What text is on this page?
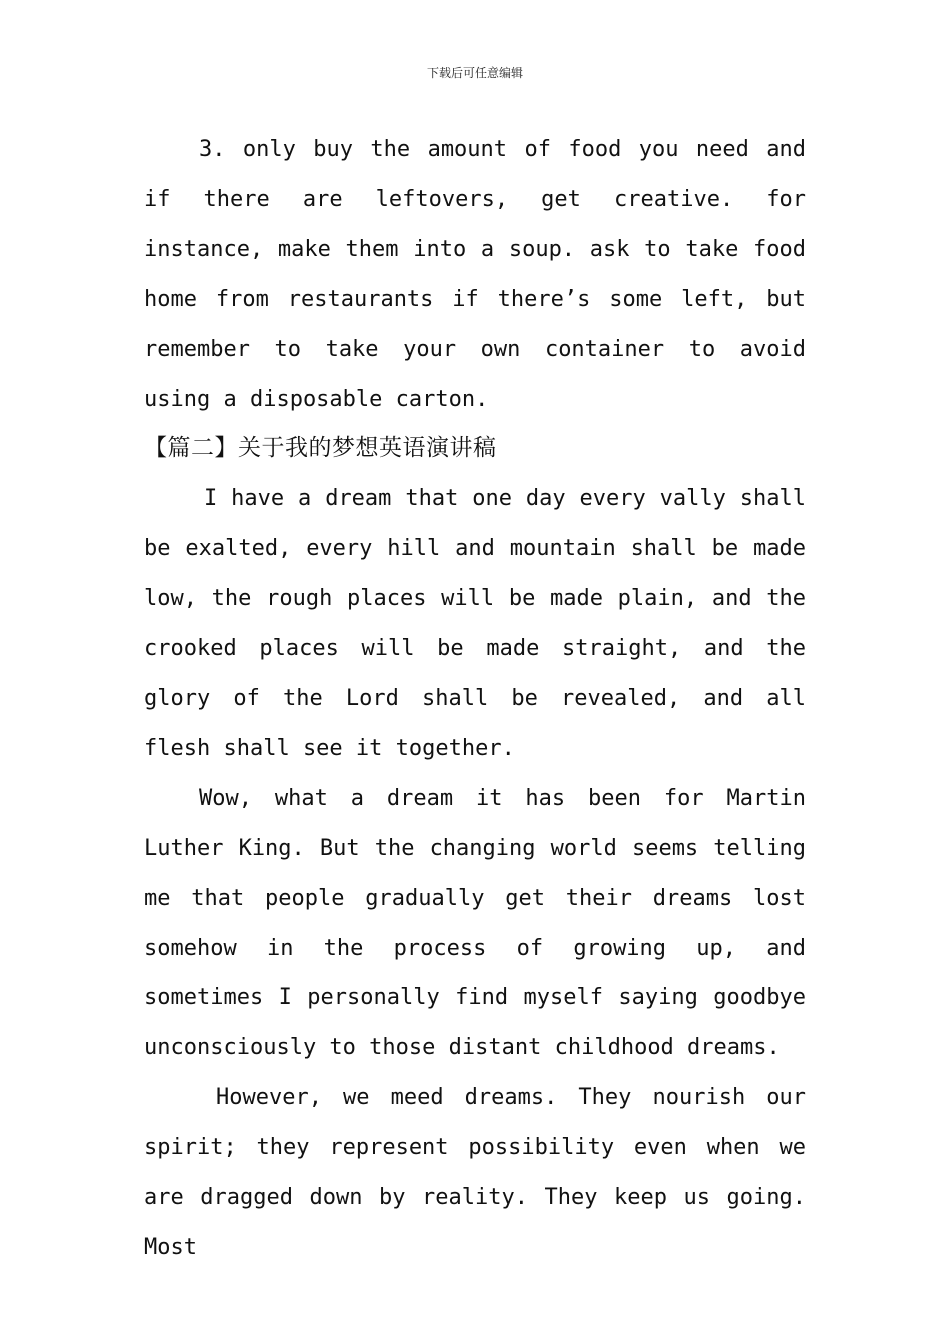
下载后可任意编辑

3. only buy the amount of food you need and if there are leftovers, get creative. for instance, make them into a soup. ask to take food home from restaurants if there’s some left, but remember to take your own container to avoid using a disposable carton.

【篇二】关于我的梦想英语演讲稿

I have a dream that one day every vally shall be exalted, every hill and mountain shall be made low, the rough places will be made plain, and the crooked places will be made straight, and the glory of the Lord shall be revealed, and all flesh shall see it together.

Wow, what a dream it has been for Martin Luther King. But the changing world seems telling me that people gradually get their dreams lost somehow in the process of growing up, and sometimes I personally find myself saying goodbye unconsciously to those distant childhood dreams.

However, we meed dreams. They nourish our spirit; they represent possibility even when we are dragged down by reality. They keep us going. Most
